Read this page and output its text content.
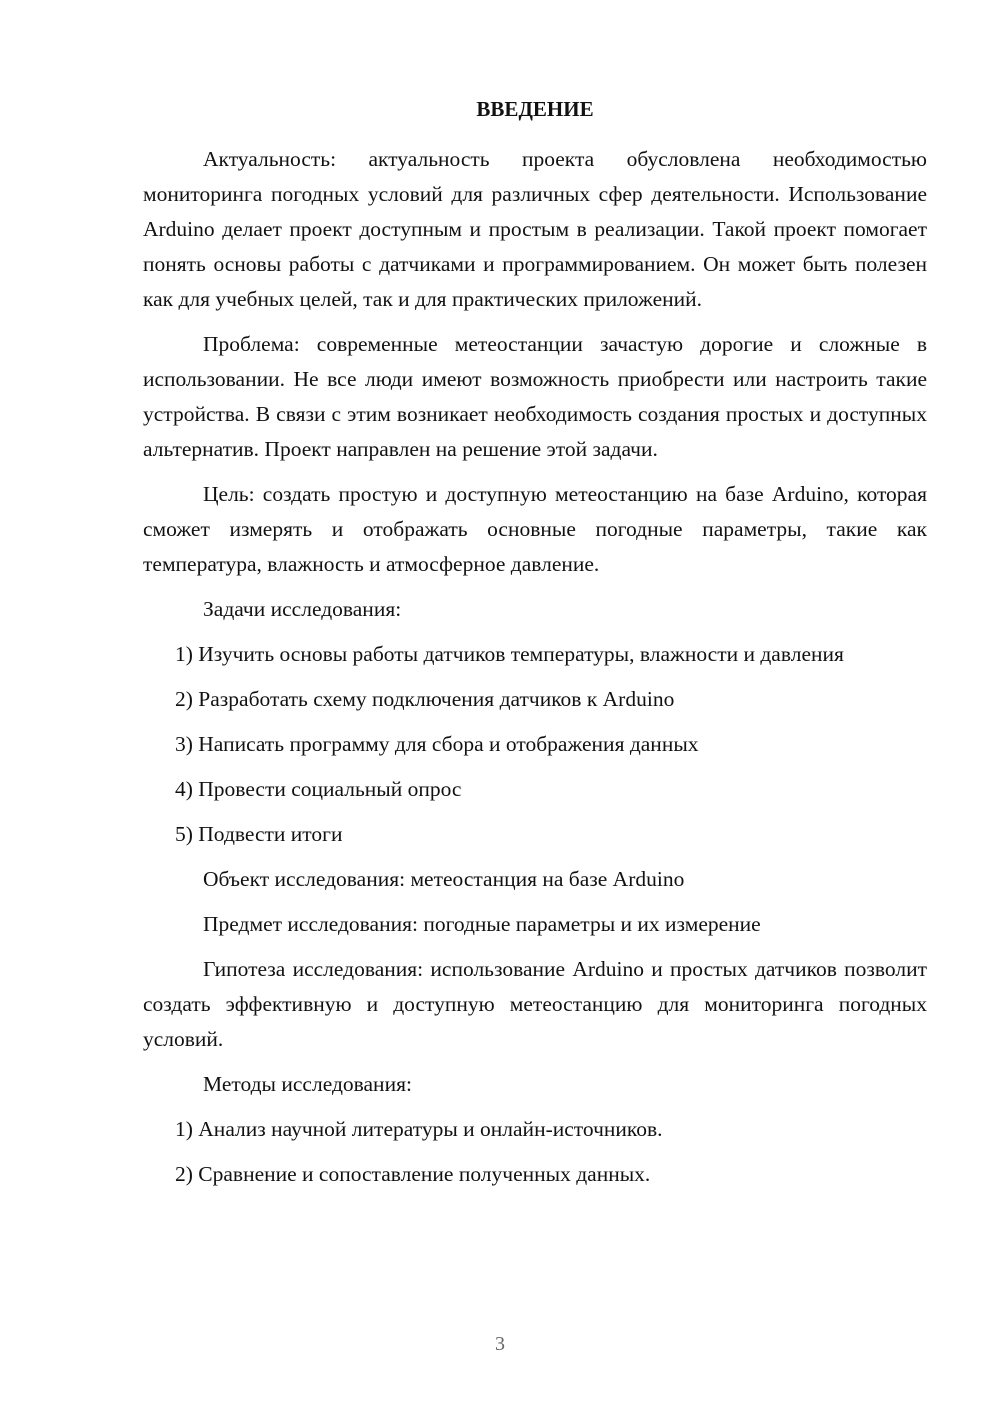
ВВЕДЕНИЕ

Актуальность: актуальность проекта обусловлена необходимостью мониторинга погодных условий для различных сфер деятельности. Использование Arduino делает проект доступным и простым в реализации. Такой проект помогает понять основы работы с датчиками и программированием. Он может быть полезен как для учебных целей, так и для практических приложений.

Проблема: современные метеостанции зачастую дорогие и сложные в использовании. Не все люди имеют возможность приобрести или настроить такие устройства. В связи с этим возникает необходимость создания простых и доступных альтернатив. Проект направлен на решение этой задачи.

Цель: создать простую и доступную метеостанцию на базе Arduino, которая сможет измерять и отображать основные погодные параметры, такие как температура, влажность и атмосферное давление.

Задачи исследования:

1) Изучить основы работы датчиков температуры, влажности и давления

2) Разработать схему подключения датчиков к Arduino

3) Написать программу для сбора и отображения данных

4) Провести социальный опрос

5) Подвести итоги

Объект исследования: метеостанция на базе Arduino

Предмет исследования: погодные параметры и их измерение

Гипотеза исследования: использование Arduino и простых датчиков позволит создать эффективную и доступную метеостанцию для мониторинга погодных условий.

Методы исследования:

1) Анализ научной литературы и онлайн-источников.

2) Сравнение и сопоставление полученных данных.

3
